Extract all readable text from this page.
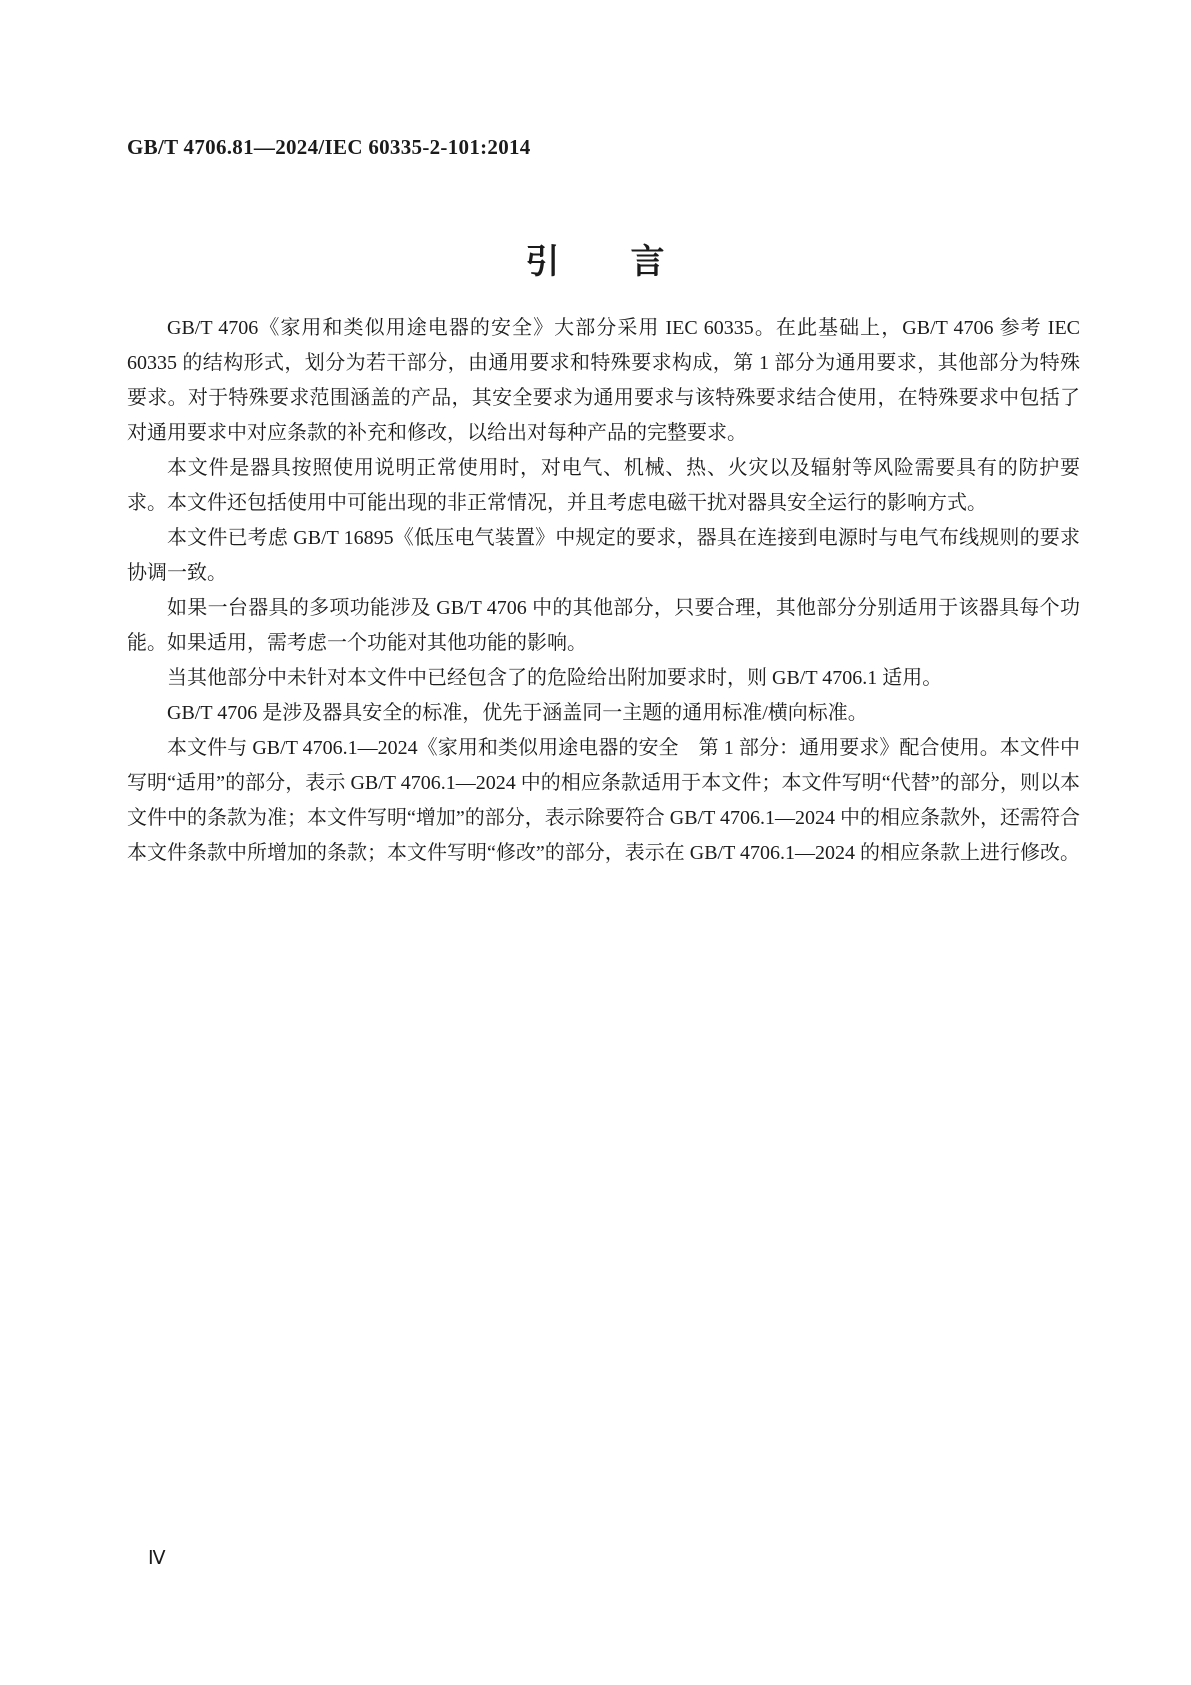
GB/T 4706.81—2024/IEC 60335-2-101:2014
引　　言

GB/T 4706《家用和类似用途电器的安全》大部分采用 IEC 60335。在此基础上，GB/T 4706 参考 IEC 60335 的结构形式，划分为若干部分，由通用要求和特殊要求构成，第 1 部分为通用要求，其他部分为特殊要求。对于特殊要求范围涵盖的产品，其安全要求为通用要求与该特殊要求结合使用，在特殊要求中包括了对通用要求中对应条款的补充和修改，以给出对每种产品的完整要求。

本文件是器具按照使用说明正常使用时，对电气、机械、热、火灾以及辐射等风险需要具有的防护要求。本文件还包括使用中可能出现的非正常情况，并且考虑电磁干扰对器具安全运行的影响方式。

本文件已考虑 GB/T 16895《低压电气装置》中规定的要求，器具在连接到电源时与电气布线规则的要求协调一致。

如果一台器具的多项功能涉及 GB/T 4706 中的其他部分，只要合理，其他部分分别适用于该器具每个功能。如果适用，需考虑一个功能对其他功能的影响。

当其他部分中未针对本文件中已经包含了的危险给出附加要求时，则 GB/T 4706.1 适用。

GB/T 4706 是涉及器具安全的标准，优先于涵盖同一主题的通用标准/横向标准。

本文件与 GB/T 4706.1—2024《家用和类似用途电器的安全　第 1 部分：通用要求》配合使用。本文件中写明“适用”的部分，表示 GB/T 4706.1—2024 中的相应条款适用于本文件；本文件写明“代替”的部分，则以本文件中的条款为准；本文件写明“增加”的部分，表示除要符合 GB/T 4706.1—2024 中的相应条款外，还需符合本文件条款中所增加的条款；本文件写明“修改”的部分，表示在 GB/T 4706.1—2024 的相应条款上进行修改。

Ⅳ
